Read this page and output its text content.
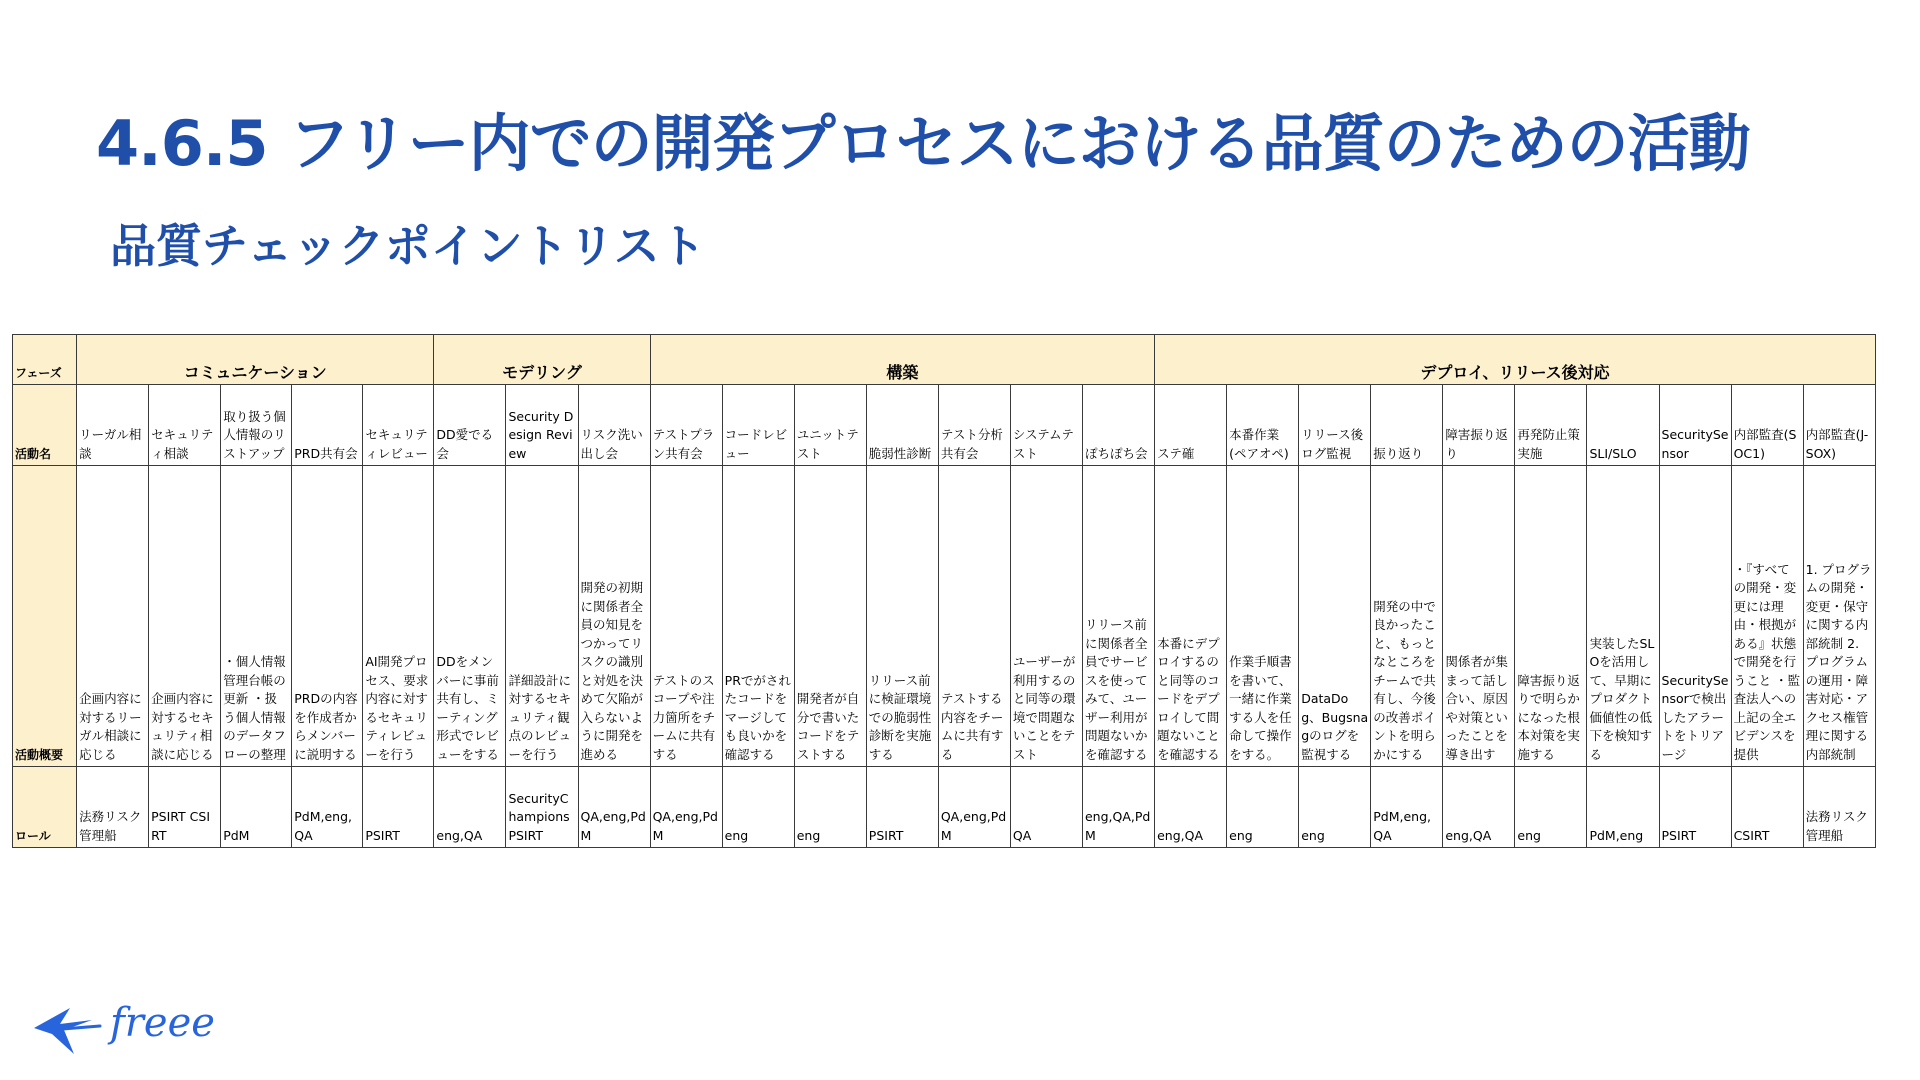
4.6.5 フリー内での開発プロセスにおける品質のための活動
品質チェックポイントリスト
フェーズ	コミュニケーション					モデリング			構築							デプロイ、リリース後対応									
活動名	リーガル相談	セキュリティ相談	取り扱う個人情報のリストアップ	PRD共有会	セキュリティレビュー	DD愛でる会	Security Design Review	リスク洗い出し会	テストプラン共有会	コードレビュー	ユニットテスト	脆弱性診断	テスト分析共有会	システムテスト	ぽちぽち会	ステ確	本番作業(ペアオペ)	リリース後ログ監視	振り返り	障害振り返り	再発防止策実施	SLI/SLO	SecuritySensor	内部監査(SOC1)	内部監査(J-SOX)
活動概要	企画内容に対するリーガル相談に応じる	企画内容に対するセキュリティ相談に応じる	・個人情報管理台帳の更新 ・扱う個人情報のデータフローの整理	PRDの内容を作成者からメンバーに説明する	AI開発プロセス、要求内容に対するセキュリティレビューを行う	DDをメンバーに事前共有し、ミーティング形式でレビューをする	詳細設計に対するセキュリティ観点のレビューを行う	開発の初期に関係者全員の知見をつかってリスクの識別と対処を決めて欠陥が入らないように開発を進める	テストのスコープや注力箇所をチームに共有する	PRでがされたコードをマージしても良いかを確認する	開発者が自分で書いたコードをテストする	リリース前に検証環境での脆弱性診断を実施する	テストする内容をチームに共有する	ユーザーが利用するのと同等の環境で問題ないことをテスト	リリース前に関係者全員でサービスを使ってみて、ユーザー利用が問題ないかを確認する	本番にデプロイするのと同等のコードをデプロイして問題ないことを確認する	作業手順書を書いて、一緒に作業する人を任命して操作をする。	DataDog、Bugsnagのログを監視する	開発の中で良かったこと、もっとなところをチームで共有し、今後の改善ポイントを明らかにする	関係者が集まって話し合い、原因や対策といったことを導き出す	障害振り返りで明らかになった根本対策を実施する	実装したSLOを活用して、早期にプロダクト価値性の低下を検知する	SecuritySensorで検出したアラートをトリアージ	・『すべての開発・変更には理由・根拠がある』状態で開発を行うこと ・監査法人への上記の全エビデンスを提供	1. プログラムの開発・変更・保守に関する内部統制 2. プログラムの運用・障害対応・アクセス権管理に関する内部統制
ロール	法務リスク管理船	PSIRT CSIRT	PdM	PdM,eng, QA	PSIRT	eng,QA	SecurityChampions PSIRT	QA,eng,PdM	QA,eng,PdM	eng	eng	PSIRT	QA,eng,PdM	QA	eng,QA,PdM	eng,QA	eng	eng	PdM,eng, QA	eng,QA	eng	PdM,eng	PSIRT	CSIRT	法務リスク管理船
freee
